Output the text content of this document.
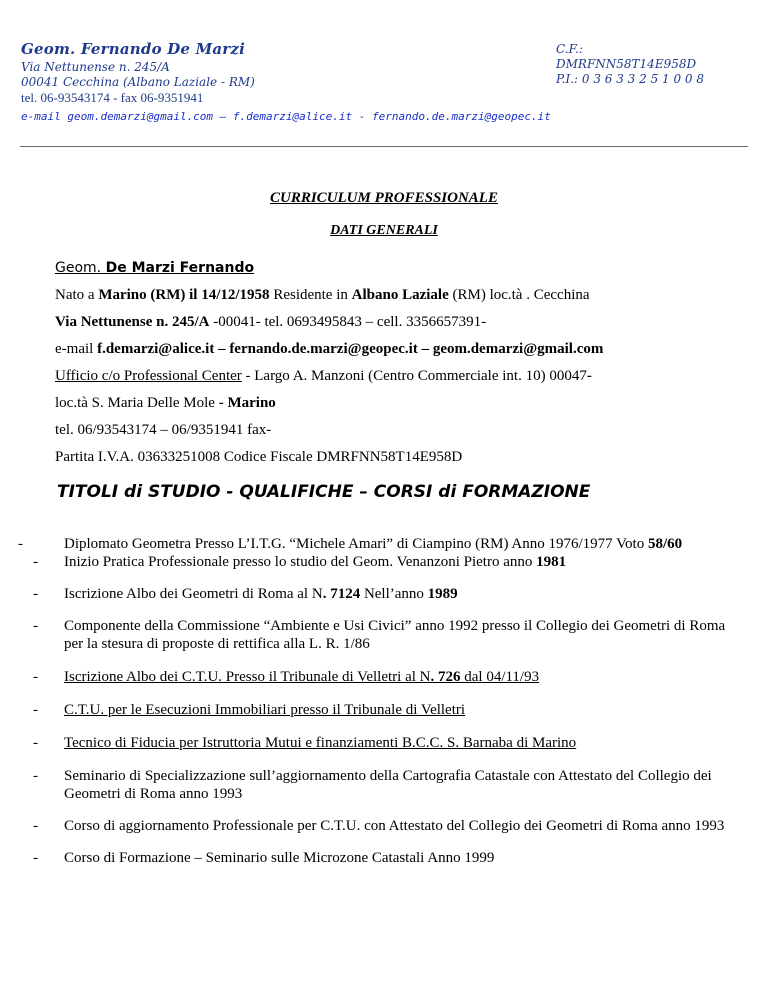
Geom. Fernando De Marzi
Via Nettunense n. 245/A
00041 Cecchina (Albano Laziale - RM)
tel. 06-93543174 - fax 06-9351941
e-mail geom.demarzi@gmail.com – f.demarzi@alice.it - fernando.de.marzi@geopec.it
C.F.: DMRFNN58T14E958D
P.I.: 0 3 6 3 3 2 5 1 0 0 8
CURRICULUM PROFESSIONALE
DATI GENERALI
Geom. De Marzi Fernando
Nato a Marino (RM) il 14/12/1958 Residente in Albano Laziale (RM) loc.tà . Cecchina
Via Nettunense n. 245/A -00041- tel. 0693495843 – cell. 3356657391-
e-mail f.demarzi@alice.it – fernando.de.marzi@geopec.it – geom.demarzi@gmail.com
Ufficio c/o Professional Center - Largo A. Manzoni (Centro Commerciale int. 10) 00047-
loc.tà S. Maria Delle Mole - Marino
tel. 06/93543174 – 06/9351941 fax-
Partita I.V.A. 03633251008 Codice Fiscale DMRFNN58T14E958D
TITOLI di STUDIO - QUALIFICHE – CORSI di FORMAZIONE
-	Diplomato Geometra Presso L’I.T.G. “Michele Amari” di Ciampino (RM) Anno 1976/1977 Voto 58/60
- Inizio Pratica Professionale presso lo studio del Geom. Venanzoni Pietro anno 1981
- Iscrizione Albo dei Geometri di Roma al N. 7124 Nell’anno 1989
- Componente della Commissione “Ambiente e Usi Civici” anno 1992 presso il Collegio dei Geometri di Roma per la stesura di proposte di rettifica alla L. R. 1/86
- Iscrizione Albo dei C.T.U. Presso il Tribunale di Velletri al N. 726 dal 04/11/93
- C.T.U. per le Esecuzioni Immobiliari presso il Tribunale di Velletri
- Tecnico di Fiducia per Istruttoria Mutui e finanziamenti B.C.C. S. Barnaba di Marino
- Seminario di Specializzazione sull’aggiornamento della Cartografia Catastale con Attestato del Collegio dei Geometri di Roma anno 1993
- Corso di aggiornamento Professionale per C.T.U. con Attestato del Collegio dei Geometri di Roma anno 1993
- Corso di Formazione – Seminario sulle Microzone Catastali Anno 1999
